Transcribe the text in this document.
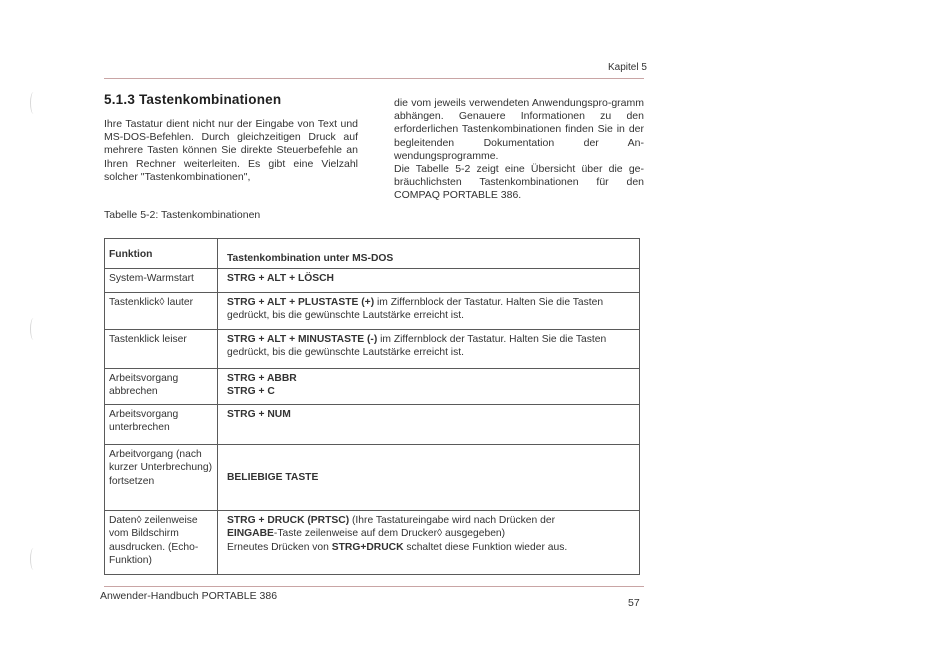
Kapitel 5
5.1.3 Tastenkombinationen

Ihre Tastatur dient nicht nur der Eingabe von Text und MS-DOS-Befehlen. Durch gleichzeitigen Druck auf mehrere Tasten können Sie direkte Steuerbefehle an Ihren Rechner weiterleiten. Es gibt eine Vielzahl solcher "Tastenkombinationen",

die vom jeweils verwendeten Anwendungspro-gramm abhängen. Genauere Informationen zu den erforderlichen Tastenkombinationen finden Sie in der begleitenden Dokumentation der An-wendungsprogramme.
Die Tabelle 5-2 zeigt eine Übersicht über die ge-bräuchlichsten Tastenkombinationen für den COMPAQ PORTABLE 386.

Tabelle 5-2: Tastenkombinationen

Funktion	Tastenkombination unter MS-DOS
System-Warmstart	STRG + ALT + LÖSCH
Tastenklick◊ lauter	STRG + ALT + PLUSTASTE (+) im Ziffernblock der Tastatur. Halten Sie die Tasten gedrückt, bis die gewünschte Lautstärke erreicht ist.
Tastenklick leiser	STRG + ALT + MINUSTASTE (-) im Ziffernblock der Tastatur. Halten Sie die Tasten gedrückt, bis die gewünschte Lautstärke erreicht ist.
Arbeitsvorgang abbrechen	STRG + ABBR
STRG + C

Arbeitsvorgang unterbrechen	STRG + NUM
Arbeitvorgang (nach kurzer Unterbrechung) fortsetzen	BELIEBIGE TASTE
Daten◊ zeilenweise vom Bildschirm ausdrucken. (Echo-Funktion)	STRG + DRUCK (PRTSC) (Ihre Tastatureingabe wird nach Drücken der
EINGABE-Taste zeilenweise auf dem Drucker◊ ausgegeben)
Erneutes Drücken von STRG+DRUCK schaltet diese Funktion wieder aus.
Anwender-Handbuch PORTABLE 386
57
